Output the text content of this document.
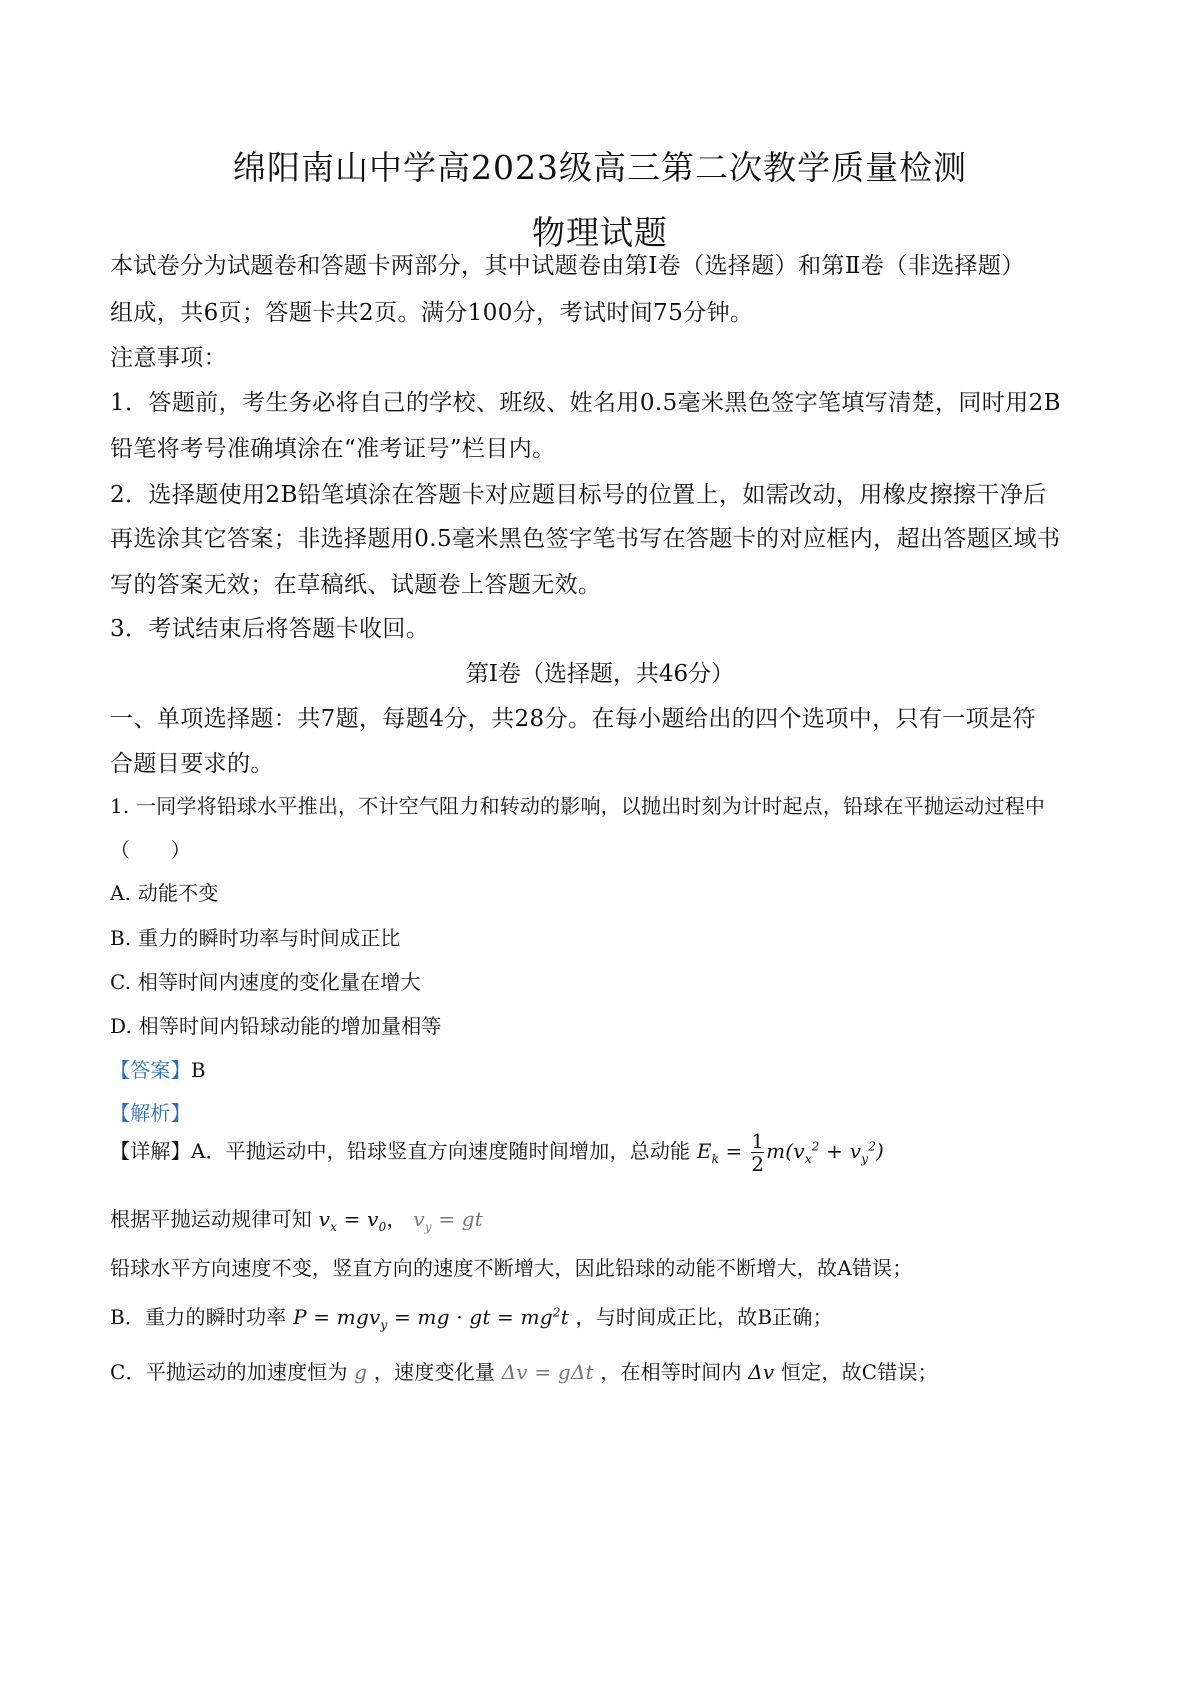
绵阳南山中学高2023级高三第二次教学质量检测
物理试题
本试卷分为试题卷和答题卡两部分，其中试题卷由第Ⅰ卷（选择题）和第Ⅱ卷（非选择题）
组成，共6页；答题卡共2页。满分100分，考试时间75分钟。
注意事项：
1．答题前，考生务必将自己的学校、班级、姓名用0.5毫米黑色签字笔填写清楚，同时用2B
铅笔将考号准确填涂在“准考证号”栏目内。
2．选择题使用2B铅笔填涂在答题卡对应题目标号的位置上，如需改动，用橡皮擦擦干净后
再选涂其它答案；非选择题用0.5毫米黑色签字笔书写在答题卡的对应框内，超出答题区域书
写的答案无效；在草稿纸、试题卷上答题无效。
3．考试结束后将答题卡收回。
第Ⅰ卷（选择题，共46分）
一、单项选择题：共7题，每题4分，共28分。在每小题给出的四个选项中，只有一项是符
合题目要求的。
1. 一同学将铅球水平推出，不计空气阻力和转动的影响，以抛出时刻为计时起点，铅球在平抛运动过程中
（　　）
A. 动能不变
B. 重力的瞬时功率与时间成正比
C. 相等时间内速度的变化量在增大
D. 相等时间内铅球动能的增加量相等
【答案】B
【解析】
【详解】A．平抛运动中，铅球竖直方向速度随时间增加，总动能 $E_k = \frac{1}{2} m(v_x^2 + v_y^2)$
根据平抛运动规律可知 $v_x = v_0$， $v_y$ = gt
铅球水平方向速度不变，竖直方向的速度不断增大，因此铅球的动能不断增大，故A错误；
B．重力的瞬时功率 P = mgv$_y$ = mg · gt = $mg^2t$ ，与时间成正比，故B正确；
C．平抛运动的加速度恒为 g ，速度变化量 Δv = gΔt ，在相等时间内 Δv 恒定，故C错误；
